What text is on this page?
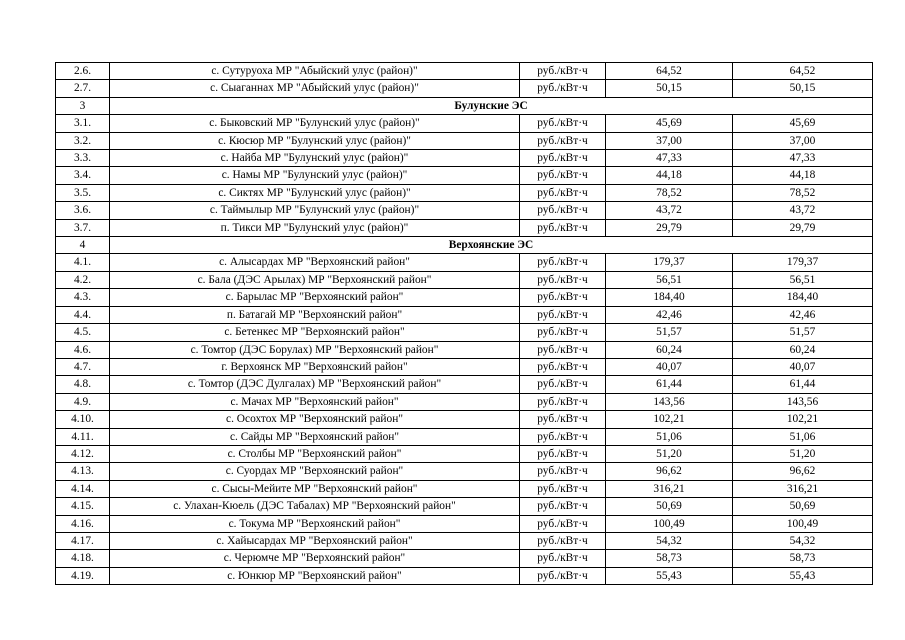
2.6.	с. Сутуруоха МР "Абыйский улус (район)"	руб./кВт·ч	64,52	64,52
2.7.	с. Сыаганнах МР "Абыйский улус (район)"	руб./кВт·ч	50,15	50,15
3	Булунские ЭС			
3.1.	с. Быковский МР "Булунский улус (район)"	руб./кВт·ч	45,69	45,69
3.2.	с. Кюсюр МР "Булунский улус (район)"	руб./кВт·ч	37,00	37,00
3.3.	с. Найба МР "Булунский улус (район)"	руб./кВт·ч	47,33	47,33
3.4.	с. Намы МР "Булунский улус (район)"	руб./кВт·ч	44,18	44,18
3.5.	с. Сиктях МР "Булунский улус (район)"	руб./кВт·ч	78,52	78,52
3.6.	с. Таймылыр МР "Булунский улус (район)"	руб./кВт·ч	43,72	43,72
3.7.	п. Тикси МР "Булунский улус (район)"	руб./кВт·ч	29,79	29,79
4	Верхоянские ЭС			
4.1.	с. Алысардах МР "Верхоянский район"	руб./кВт·ч	179,37	179,37
4.2.	с. Бала (ДЭС Арылах) МР "Верхоянский район"	руб./кВт·ч	56,51	56,51
4.3.	с. Барылас МР "Верхоянский район"	руб./кВт·ч	184,40	184,40
4.4.	п. Батагай МР "Верхоянский район"	руб./кВт·ч	42,46	42,46
4.5.	с. Бетенкес МР "Верхоянский район"	руб./кВт·ч	51,57	51,57
4.6.	с. Томтор (ДЭС Борулах) МР "Верхоянский район"	руб./кВт·ч	60,24	60,24
4.7.	г. Верхоянск МР "Верхоянский район"	руб./кВт·ч	40,07	40,07
4.8.	с. Томтор (ДЭС Дулгалах) МР "Верхоянский район"	руб./кВт·ч	61,44	61,44
4.9.	с. Мачах МР "Верхоянский район"	руб./кВт·ч	143,56	143,56
4.10.	с. Осохтох МР "Верхоянский район"	руб./кВт·ч	102,21	102,21
4.11.	с. Сайды МР "Верхоянский район"	руб./кВт·ч	51,06	51,06
4.12.	с. Столбы МР "Верхоянский район"	руб./кВт·ч	51,20	51,20
4.13.	с. Суордах МР "Верхоянский район"	руб./кВт·ч	96,62	96,62
4.14.	с. Сысы-Мейите МР "Верхоянский район"	руб./кВт·ч	316,21	316,21
4.15.	с. Улахан-Кюель (ДЭС Табалах) МР "Верхоянский район"	руб./кВт·ч	50,69	50,69
4.16.	с. Токума МР "Верхоянский район"	руб./кВт·ч	100,49	100,49
4.17.	с. Хайысардах МР "Верхоянский район"	руб./кВт·ч	54,32	54,32
4.18.	с. Черюмче МР "Верхоянский район"	руб./кВт·ч	58,73	58,73
4.19.	с. Юнкюр МР "Верхоянский район"	руб./кВт·ч	55,43	55,43
